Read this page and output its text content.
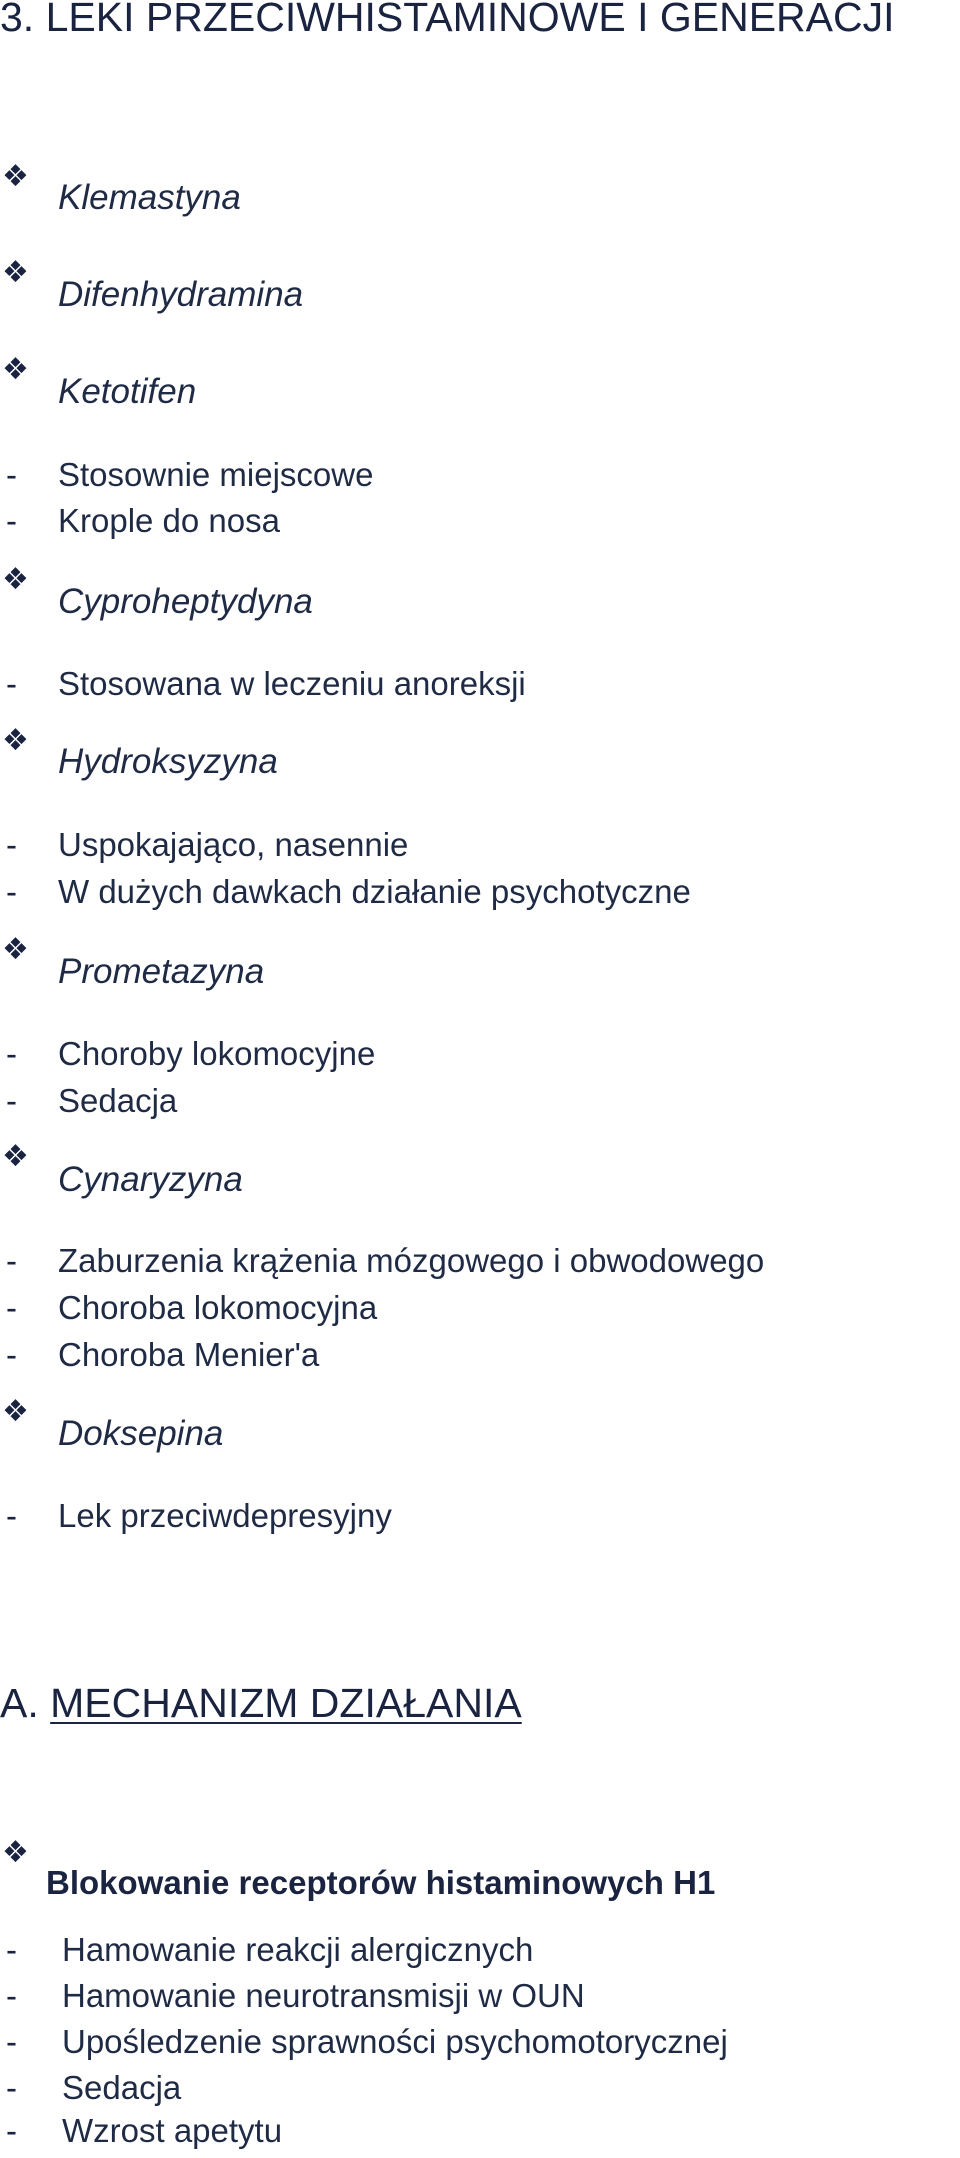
3. LEKI PRZECIWHISTAMINOWE I GENERACJI
❖
Klemastyna
❖
Difenhydramina
❖
Ketotifen
- Stosownie miejscowe
- Krople do nosa
❖
Cyproheptydyna
- Stosowana w leczeniu anoreksji
❖
Hydroksyzyna
- Uspokajająco, nasennie
- W dużych dawkach działanie psychotyczne
❖
Prometazyna
- Choroby lokomocyjne
- Sedacja
❖
Cynaryzyna
- Zaburzenia krążenia mózgowego i obwodowego
- Choroba lokomocyjna
- Choroba Menier'a
❖
Doksepina
- Lek przeciwdepresyjny
A. MECHANIZM DZIAŁANIA
❖
Blokowanie receptorów histaminowych H1
- Hamowanie reakcji alergicznych
- Hamowanie neurotransmisji w OUN
- Upośledzenie sprawności psychomotorycznej
- Sedacja
- Wzrost apetytu
